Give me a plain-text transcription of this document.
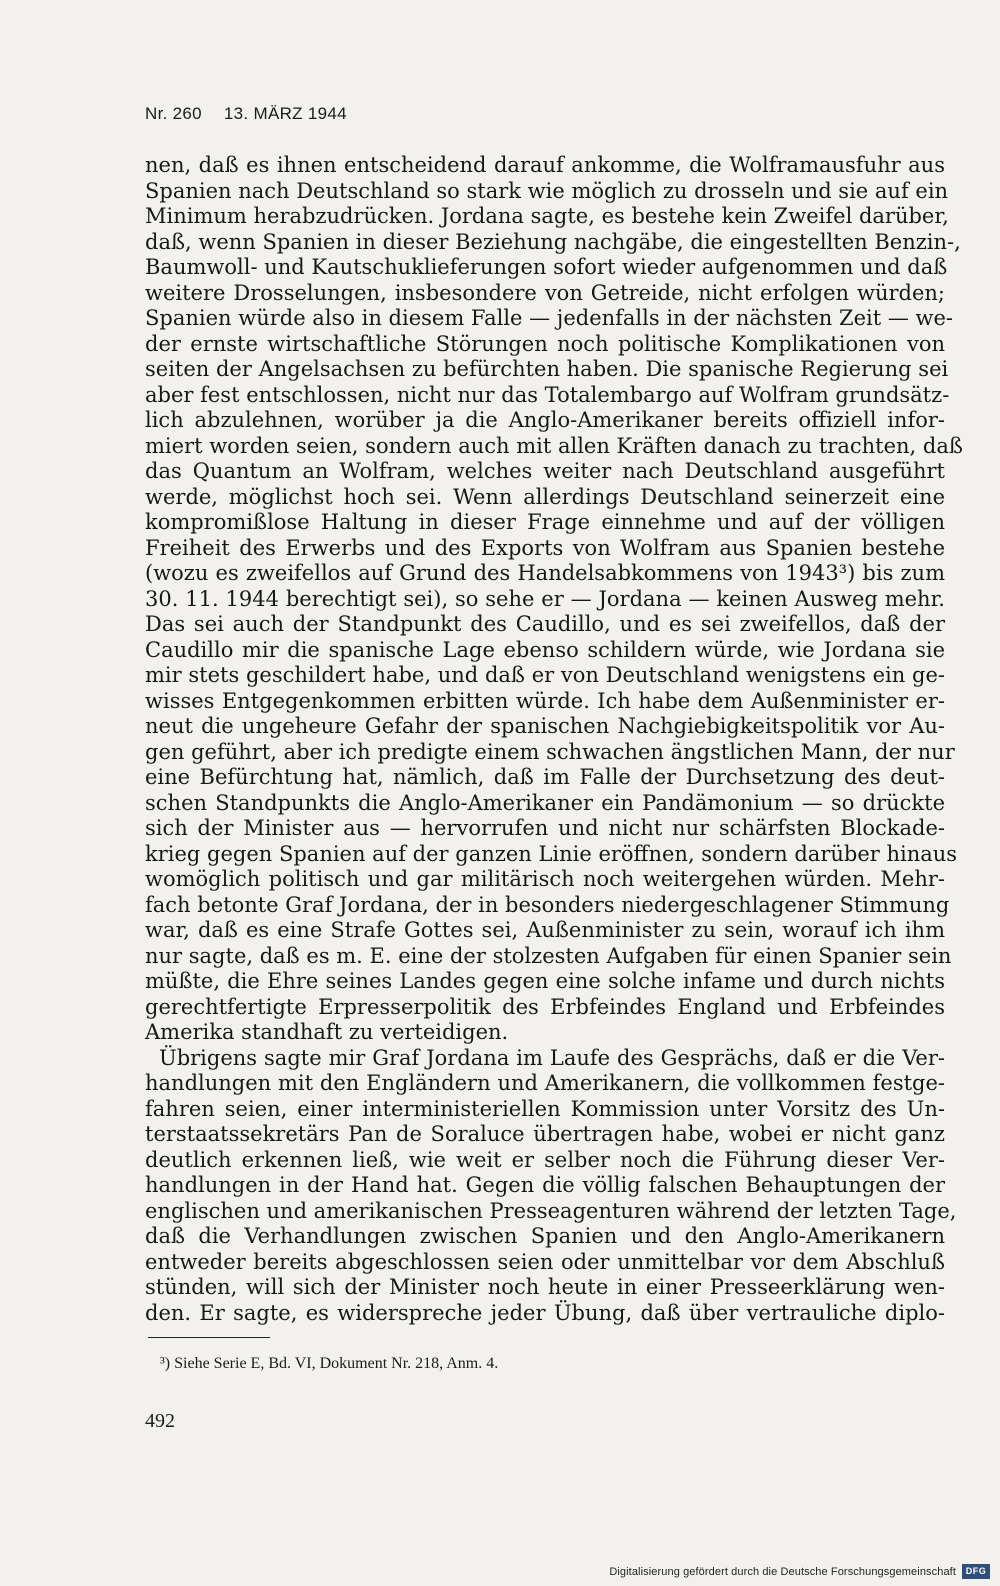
Nr. 260 13. MÄRZ 1944
nen, daß es ihnen entscheidend darauf ankomme, die Wolframausfuhr aus
Spanien nach Deutschland so stark wie möglich zu drosseln und sie auf ein
Minimum herabzudrücken. Jordana sagte, es bestehe kein Zweifel darüber,
daß, wenn Spanien in dieser Beziehung nachgäbe, die eingestellten Benzin-,
Baumwoll- und Kautschuklieferungen sofort wieder aufgenommen und daß
weitere Drosselungen, insbesondere von Getreide, nicht erfolgen würden;
Spanien würde also in diesem Falle — jedenfalls in der nächsten Zeit — we-
der ernste wirtschaftliche Störungen noch politische Komplikationen von
seiten der Angelsachsen zu befürchten haben. Die spanische Regierung sei
aber fest entschlossen, nicht nur das Totalembargo auf Wolfram grundsätz-
lich abzulehnen, worüber ja die Anglo-Amerikaner bereits offiziell infor-
miert worden seien, sondern auch mit allen Kräften danach zu trachten, daß
das Quantum an Wolfram, welches weiter nach Deutschland ausgeführt
werde, möglichst hoch sei. Wenn allerdings Deutschland seinerzeit eine
kompromißlose Haltung in dieser Frage einnehme und auf der völligen
Freiheit des Erwerbs und des Exports von Wolfram aus Spanien bestehe
(wozu es zweifellos auf Grund des Handelsabkommens von 1943³) bis zum
30. 11. 1944 berechtigt sei), so sehe er — Jordana — keinen Ausweg mehr.
Das sei auch der Standpunkt des Caudillo, und es sei zweifellos, daß der
Caudillo mir die spanische Lage ebenso schildern würde, wie Jordana sie
mir stets geschildert habe, und daß er von Deutschland wenigstens ein ge-
wisses Entgegenkommen erbitten würde. Ich habe dem Außenminister er-
neut die ungeheure Gefahr der spanischen Nachgiebigkeitspolitik vor Au-
gen geführt, aber ich predigte einem schwachen ängstlichen Mann, der nur
eine Befürchtung hat, nämlich, daß im Falle der Durchsetzung des deut-
schen Standpunkts die Anglo-Amerikaner ein Pandämonium — so drückte
sich der Minister aus — hervorrufen und nicht nur schärfsten Blockade-
krieg gegen Spanien auf der ganzen Linie eröffnen, sondern darüber hinaus
womöglich politisch und gar militärisch noch weitergehen würden. Mehr-
fach betonte Graf Jordana, der in besonders niedergeschlagener Stimmung
war, daß es eine Strafe Gottes sei, Außenminister zu sein, worauf ich ihm
nur sagte, daß es m. E. eine der stolzesten Aufgaben für einen Spanier sein
müßte, die Ehre seines Landes gegen eine solche infame und durch nichts
gerechtfertigte Erpresserpolitik des Erbfeindes England und Erbfeindes
Amerika standhaft zu verteidigen.
Übrigens sagte mir Graf Jordana im Laufe des Gesprächs, daß er die Ver-
handlungen mit den Engländern und Amerikanern, die vollkommen festge-
fahren seien, einer interministeriellen Kommission unter Vorsitz des Un-
terstaatssekretärs Pan de Soraluce übertragen habe, wobei er nicht ganz
deutlich erkennen ließ, wie weit er selber noch die Führung dieser Ver-
handlungen in der Hand hat. Gegen die völlig falschen Behauptungen der
englischen und amerikanischen Presseagenturen während der letzten Tage,
daß die Verhandlungen zwischen Spanien und den Anglo-Amerikanern
entweder bereits abgeschlossen seien oder unmittelbar vor dem Abschluß
stünden, will sich der Minister noch heute in einer Presseerklärung wen-
den. Er sagte, es widerspreche jeder Übung, daß über vertrauliche diplo-
³) Siehe Serie E, Bd. VI, Dokument Nr. 218, Anm. 4.
492
Digitalisierung gefördert durch die Deutsche Forschungsgemeinschaft	DFG
